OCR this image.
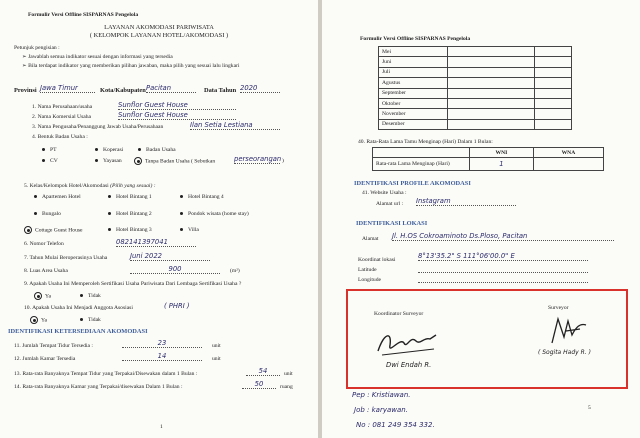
Formulir Versi Offline SISPARNAS Pengelola
LAYANAN AKOMODASI PARIWISATA
( KELOMPOK LAYANAN HOTEL/AKOMODASI )
Petunjuk pengisian :
➢ Jawablah semua indikator sesuai dengan informasi yang tersedia
➢ Bila terdapat indikator yang memberikan pilihan jawaban, maka pilih yang sesuai lalu lingkari
Provinsi Jawa Timur	Kota/Kabupaten Pacitan	Data Tahun 2020
1. Nama Perusahaan/usaha	Sunflor Guest House
2. Nama Komersial Usaha	Sunflor Guest House
3. Nama Pengusaha/Penanggung Jawab Usaha/Perusahaan	Ilan Setia Lestiana
4. Bentuk Badan Usaha :
PT	Koperasi	Badan Usaha
CV	Yayasan	Tanpa Badan Usaha ( Sebutkan	perseorangan )
5. Kelas/Kelompok Hotel/Akomodasi (Pilih yang sesuai) :
Apartemen Hotel	Hotel Bintang 1	Hotel Bintang 4
Bungalo	Hotel Bintang 2	Pondok wisata (home stay)
Cottage Guest House	Hotel Bintang 3	Villa
6. Nomor Telefon	082141397041
7. Tahun Mulai Beroperasinya Usaha	Juni 2022
8. Luas Area Usaha	900	(m²)
9. Apakah Usaha Ini Memperoleh Sertifikasi Usaha Pariwisata Dari Lembaga Sertifikasi Usaha ?
Ya	Tidak
10. Apakah Usaha Ini Menjadi Anggota Asosiasi	( PHRI )
Ya	Tidak
IDENTIFIKASI KETERSEDIAAN AKOMODASI
11. Jumlah Tempat Tidur Tersedia :	23	unit
12. Jumlah Kamar Tersedia	14	unit
13. Rata-rata Banyaknya Tempat Tidur yang Terpakai/Disewakan dalam 1 Bulan :	54	unit
14. Rata-rata Banyaknya Kamar yang Terpakai/disewakan Dalam 1 Bulan :	50	ruang
1
Formulir Versi Offline SISPARNAS Pengelola
Mei		
Juni		
Juli		
Agustus		
September		
Oktober		
November		
Desember		
40. Rata-Rata Lama Tamu Menginap (Hari) Dalam 1 Bulan:
	WNI	WNA
Rata-rata Lama Menginap (Hari)	1	
IDENTIFIKASI PROFILE AKOMODASI
41. Website Usaha :
Alamat url : Instagram
IDENTIFIKASI LOKASI
Alamat Jl. H.OS Cokroaminoto Ds.Ploso, Pacitan
Koordinat lokasi	8°13'35.2" S 111°06'00.0" E
Latitude
Longitude
5
Pep : Kristiawan.
Job : karyawan.
No : 081 249 354 332.
Koordinator Surveyor
Dwi Endah R.
Surveyor
( Sogita Hady R. )
